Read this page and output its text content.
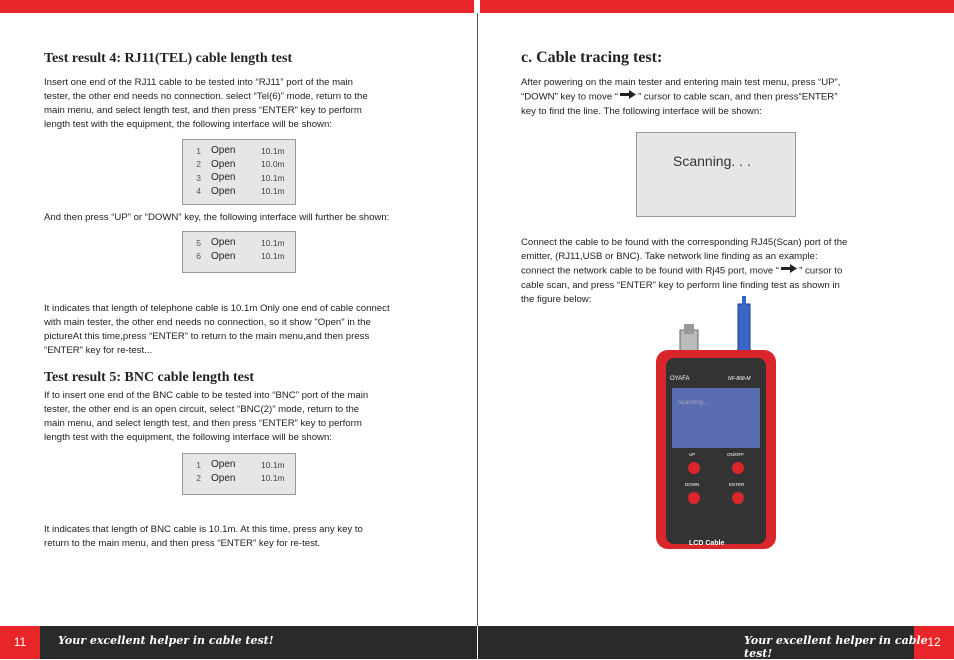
Test result 4: RJ11(TEL) cable length test

Insert one end of the RJ11 cable to be tested into “RJ11” port of the main
tester, the other end needs no connection. select “Tel(6)” mode, return to the
main menu, and select length test, and then press “ENTER” key to perform
length test with the equipment, the following interface will be shown:

1	Open	10.1m
2	Open	10.0m
3	Open	10.1m
4	Open	10.1m

And then press “UP” or “DOWN” key, the following interface will further be shown:

5	Open	10.1m
6	Open	10.1m

It indicates that length of telephone cable is 10.1m Only one end of cable connect
with main tester, the other end needs no connection, so it show "Open" in the
pictureAt this time,press “ENTER” to return to the main menu,and then press
“ENTER” key for re-test...

Test result 5: BNC cable length test

If to insert one end of the BNC cable to be tested into “BNC” port of the main
tester, the other end is an open circuit, select “BNC(2)” mode, return to the
main menu, and select length test, and then press “ENTER” key to perform
length test with the equipment, the following interface will be shown:

1	Open	10.1m
2	Open	10.1m

It indicates that length of BNC cable is 10.1m. At this time, press any key to
return to the main menu, and then press “ENTER” key for re-test.

c. Cable tracing test:
After powering on the main tester and entering main test menu, press “UP”,
“DOWN” key to move “ ” cursor to cable scan, and then press“ENTER”
key to find the line. The following interface will be shown:
Scanning. . .
Connect the cable to be found with the corresponding RJ45(Scan) port of the
emitter, (RJ11,USB or BNC). Take network line finding as an example:
connect the network cable to be found with Rj45 port, move “ ” cursor to
cable scan, and press “ENTER” key to perform line finding test as shown in
the figure below:
OYAFA	NF-868-M
Scanning...
UP	ON/OFF
DOWN	ENTER
LCD Cable
11	12
Your excellent helper in cable test!	Your excellent helper in cable test!
